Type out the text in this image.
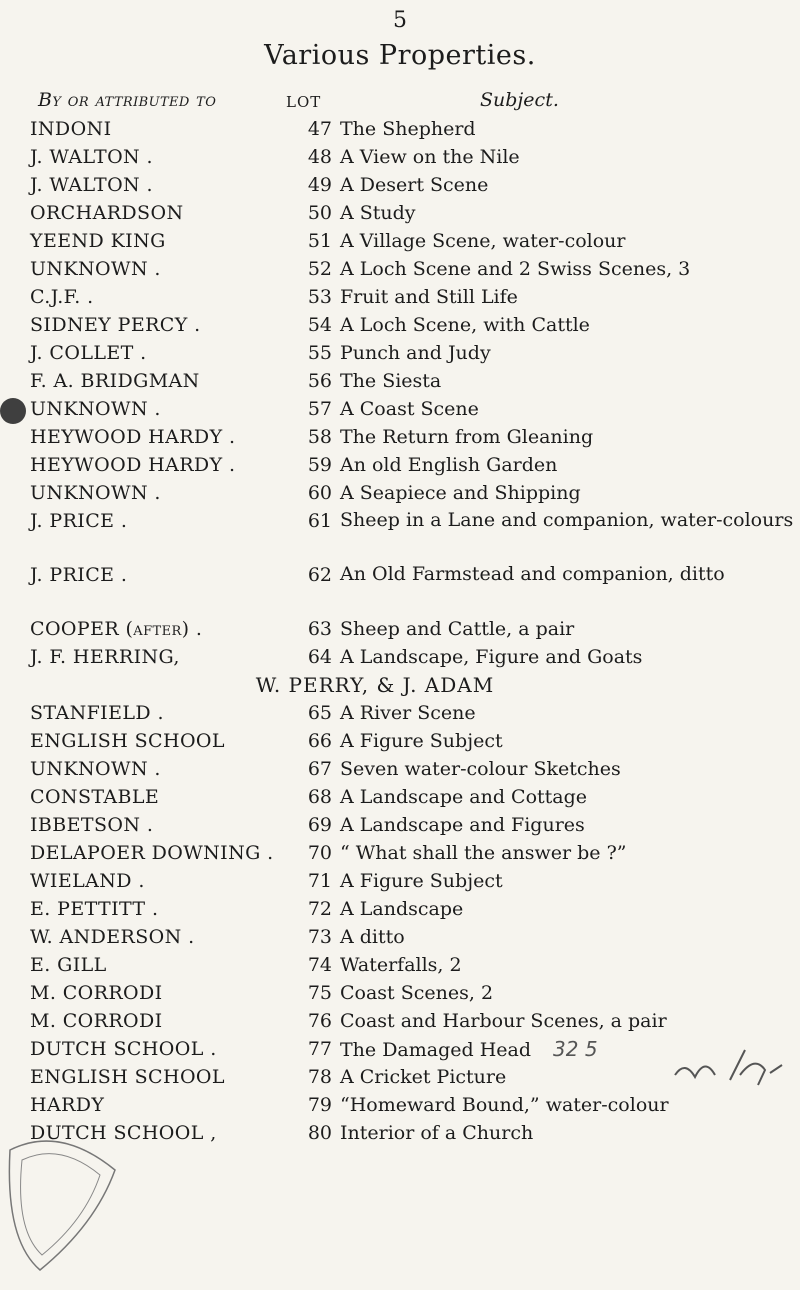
5
Various Properties.
By or attributed to	LOT	Subject.
INDONI	47 The Shepherd
J. WALTON .	48 A View on the Nile
J. WALTON .	49 A Desert Scene
ORCHARDSON	50 A Study
YEEND KING	51 A Village Scene, water-colour
UNKNOWN .	52 A Loch Scene and 2 Swiss Scenes, 3
C.J.F. .	53 Fruit and Still Life
SIDNEY PERCY .	54 A Loch Scene, with Cattle
J. COLLET .	55 Punch and Judy
F. A. BRIDGMAN	56 The Siesta
UNKNOWN .	57 A Coast Scene
HEYWOOD HARDY .	58 The Return from Gleaning
HEYWOOD HARDY .	59 An old English Garden
UNKNOWN .	60 A Seapiece and Shipping
J. PRICE .	61 Sheep in a Lane and companion, water-colours
J. PRICE .	62 An Old Farmstead and companion, ditto
COOPER (after) .	63 Sheep and Cattle, a pair
J. F. HERRING,	64 A Landscape, Figure and Goats
W. PERRY, & J. ADAM
STANFIELD .	65 A River Scene
ENGLISH SCHOOL	66 A Figure Subject
UNKNOWN .	67 Seven water-colour Sketches
CONSTABLE	68 A Landscape and Cottage
IBBETSON .	69 A Landscape and Figures
DELAPOER DOWNING .	70 “ What shall the answer be ?”
WIELAND .	71 A Figure Subject
E. PETTITT .	72 A Landscape
W. ANDERSON .	73 A ditto
E. GILL	74 Waterfalls, 2
M. CORRODI	75 Coast Scenes, 2
M. CORRODI	76 Coast and Harbour Scenes, a pair
DUTCH SCHOOL .	77 The Damaged Head 32 5
ENGLISH SCHOOL	78 A Cricket Picture
HARDY	79 “Homeward Bound,” water-colour
DUTCH SCHOOL ,	80 Interior of a Church
